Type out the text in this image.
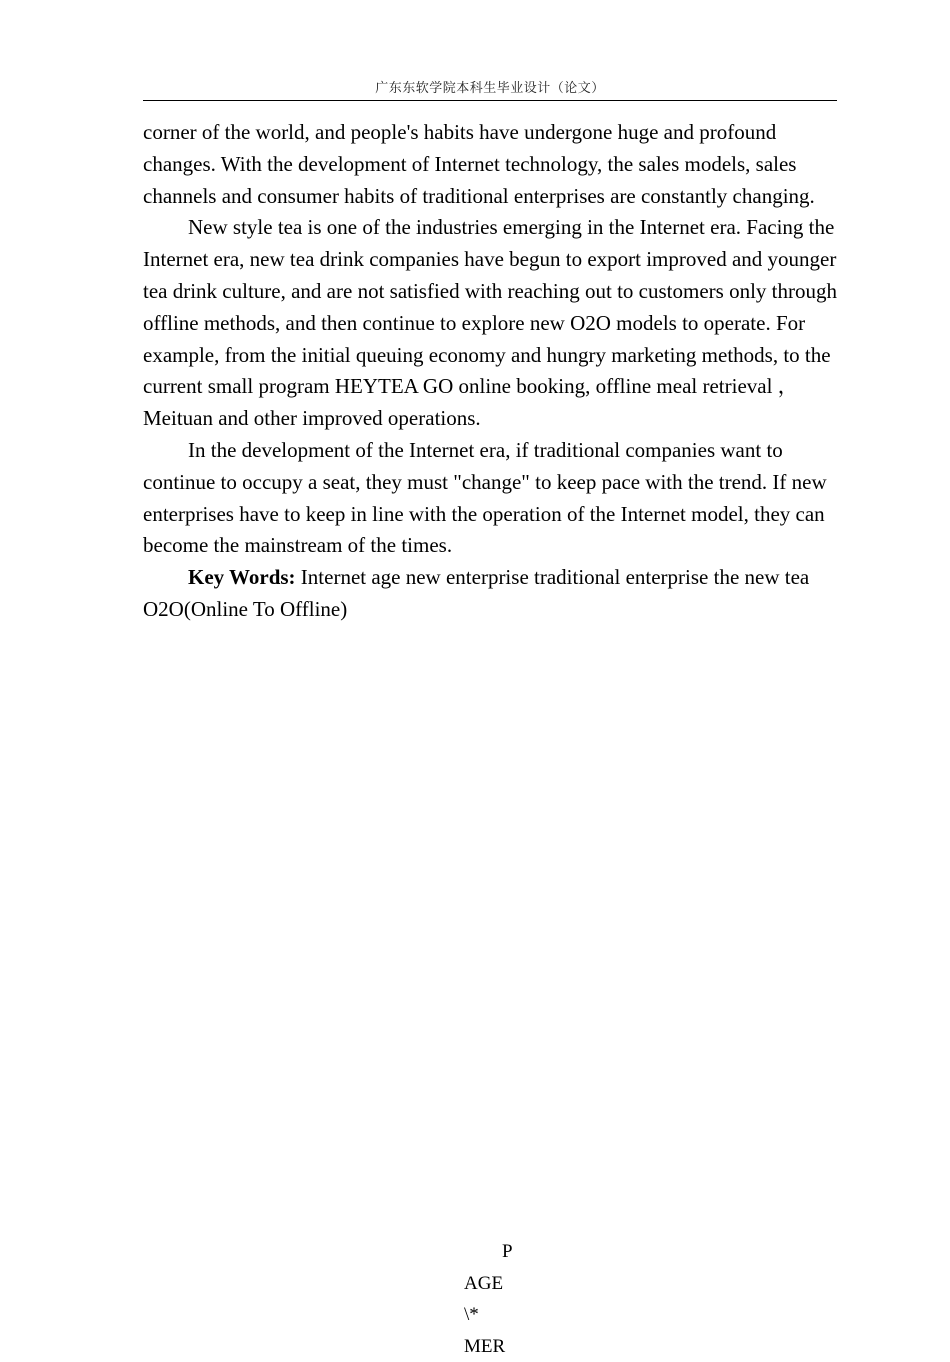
广东东软学院本科生毕业设计（论文）

corner of the world, and people's habits have undergone huge and profound changes. With the development of Internet technology, the sales models, sales channels and consumer habits of traditional enterprises are constantly changing.

New style tea is one of the industries emerging in the Internet era. Facing the Internet era, new tea drink companies have begun to export improved and younger tea drink culture, and are not satisfied with reaching out to customers only through offline methods, and then continue to explore new O2O models to operate. For example, from the initial queuing economy and hungry marketing methods, to the current small program HEYTEA GO online booking, offline meal retrieval ， Meituan and other improved operations.

In the development of the Internet era, if traditional companies want to continue to occupy a seat, they must "change" to keep pace with the trend. If new enterprises have to keep in line with the operation of the Internet model, they can become the mainstream of the times.

Key Words: Internet age new enterprise traditional enterprise the new tea O2O(Online To Offline)

P
AGE
\*
MER
